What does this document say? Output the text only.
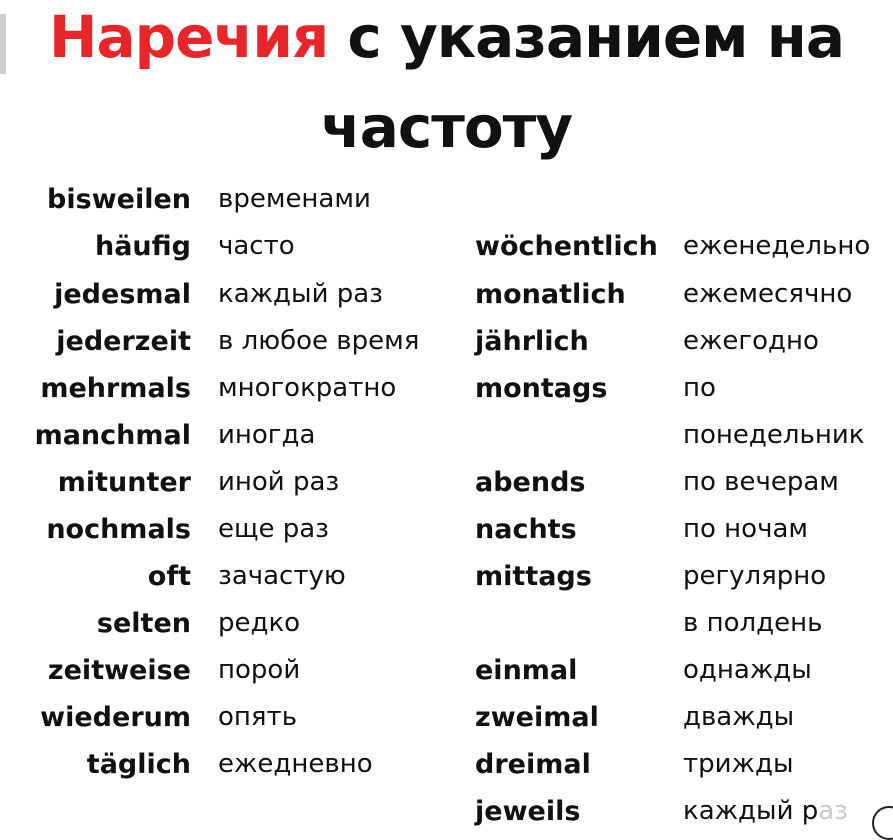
Наречия с указанием на
частоту
bisweilen
häufig
jedesmal
jederzeit
mehrmals
manchmal
mitunter
nochmals
oft
selten
zeitweise
wiederum
täglich
временами
часто
каждый раз
в любое время
многократно
иногда
иной раз
еще раз
зачастую
редко
порой
опять
ежедневно
wöchentlich
monatlich
jährlich
montags
abends
nachts
mittags
einmal
zweimal
dreimal
jeweils
еженедельно
ежемесячно
ежегодно
по
понедельник
по вечерам
по ночам
регулярно
в полдень
однажды
дважды
трижды
каждый раз
